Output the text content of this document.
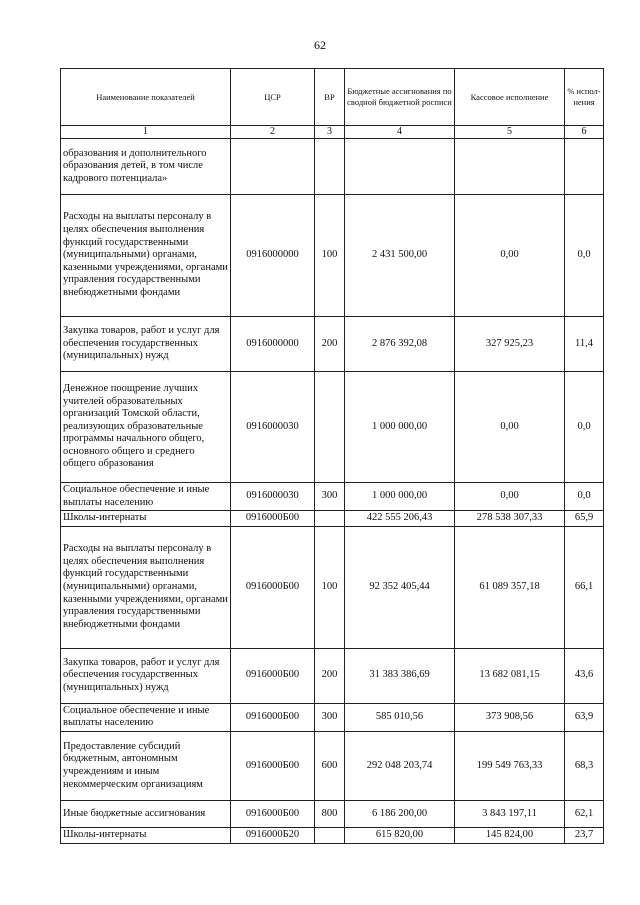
62
Наименование показателей	ЦСР	ВР	Бюджетные ассигнования по сводной бюджетной росписи	Кассовое исполнение	% испол-нения
1	2	3	4	5	6
образования и дополнительного образования детей, в том числе кадрового потенциала»					
Расходы на выплаты персоналу в целях обеспечения выполнения функций государственными (муниципальными) органами, казенными учреждениями, органами управления государственными внебюджетными фондами	0916000000	100	2 431 500,00	0,00	0,0
Закупка товаров, работ и услуг для обеспечения государственных (муниципальных) нужд	0916000000	200	2 876 392,08	327 925,23	11,4
Денежное поощрение лучших учителей образовательных организаций Томской области, реализующих образовательные программы начального общего, основного общего и среднего общего образования	0916000030		1 000 000,00	0,00	0,0
Социальное обеспечение и иные выплаты населению	0916000030	300	1 000 000,00	0,00	0,0
Школы-интернаты	0916000Б00		422 555 206,43	278 538 307,33	65,9
Расходы на выплаты персоналу в целях обеспечения выполнения функций государственными (муниципальными) органами, казенными учреждениями, органами управления государственными внебюджетными фондами	0916000Б00	100	92 352 405,44	61 089 357,18	66,1
Закупка товаров, работ и услуг для обеспечения государственных (муниципальных) нужд	0916000Б00	200	31 383 386,69	13 682 081,15	43,6
Социальное обеспечение и иные выплаты населению	0916000Б00	300	585 010,56	373 908,56	63,9
Предоставление субсидий бюджетным, автономным учреждениям и иным некоммерческим организациям	0916000Б00	600	292 048 203,74	199 549 763,33	68,3
Иные бюджетные ассигнования	0916000Б00	800	6 186 200,00	3 843 197,11	62,1
Школы-интернаты	0916000Б20		615 820,00	145 824,00	23,7
